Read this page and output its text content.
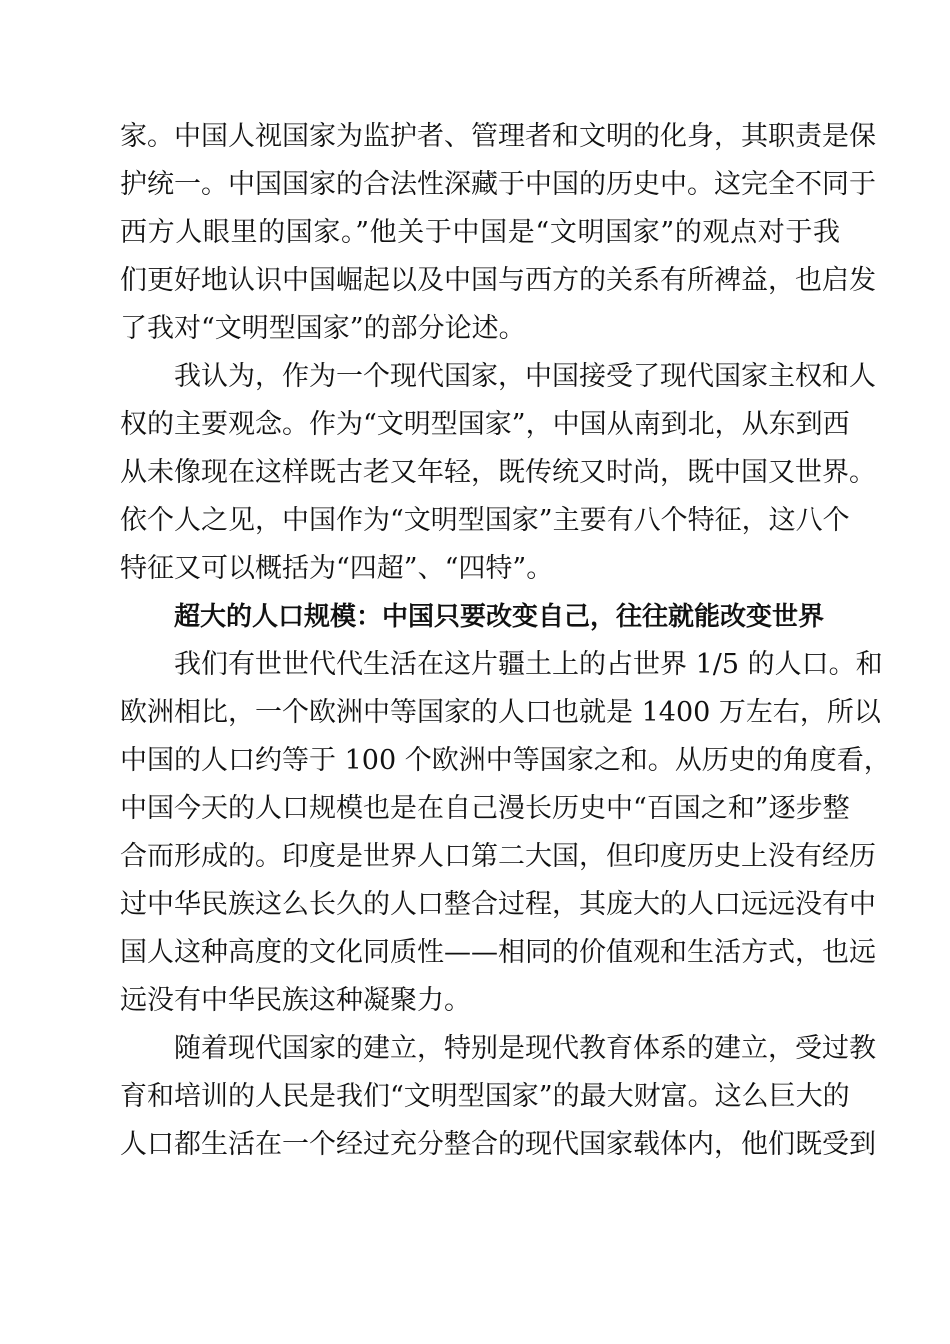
家。中国人视国家为监护者、管理者和文明的化身，其职责是保
护统一。中国国家的合法性深藏于中国的历史中。这完全不同于
西方人眼里的国家。”他关于中国是“文明国家”的观点对于我
们更好地认识中国崛起以及中国与西方的关系有所裨益，也启发
了我对“文明型国家”的部分论述。
　　我认为，作为一个现代国家，中国接受了现代国家主权和人
权的主要观念。作为“文明型国家”，中国从南到北，从东到西
从未像现在这样既古老又年轻，既传统又时尚，既中国又世界。
依个人之见，中国作为“文明型国家”主要有八个特征，这八个
特征又可以概括为“四超”、“四特”。
超大的人口规模：中国只要改变自己，往往就能改变世界
　　我们有世世代代生活在这片疆土上的占世界 1/5 的人口。和
欧洲相比，一个欧洲中等国家的人口也就是 1400 万左右，所以
中国的人口约等于 100 个欧洲中等国家之和。从历史的角度看，
中国今天的人口规模也是在自己漫长历史中“百国之和”逐步整
合而形成的。印度是世界人口第二大国，但印度历史上没有经历
过中华民族这么长久的人口整合过程，其庞大的人口远远没有中
国人这种高度的文化同质性——相同的价值观和生活方式，也远
远没有中华民族这种凝聚力。
　　随着现代国家的建立，特别是现代教育体系的建立，受过教
育和培训的人民是我们“文明型国家”的最大财富。这么巨大的
人口都生活在一个经过充分整合的现代国家载体内，他们既受到
